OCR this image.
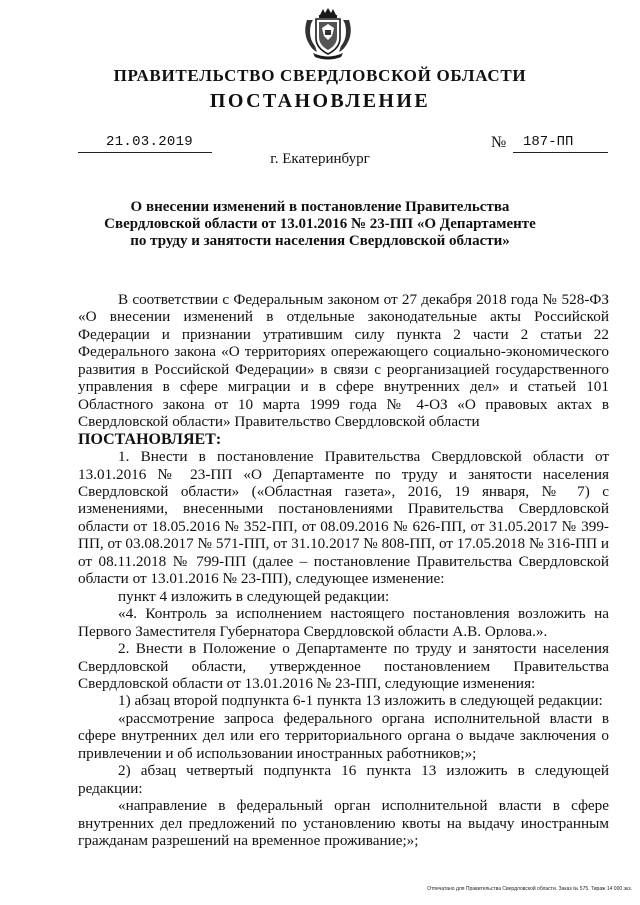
ПРАВИТЕЛЬСТВО СВЕРДЛОВСКОЙ ОБЛАСТИ
ПОСТАНОВЛЕНИЕ
21.03.2019	№ 187-ПП
г. Екатеринбург
О внесении изменений в постановление Правительства Свердловской области от 13.01.2016 № 23-ПП «О Департаменте по труду и занятости населения Свердловской области»

В соответствии с Федеральным законом от 27 декабря 2018 года № 528-ФЗ «О внесении изменений в отдельные законодательные акты Российской Федерации и признании утратившим силу пункта 2 части 2 статьи 22 Федерального закона «О территориях опережающего социально-экономического развития в Российской Федерации» в связи с реорганизацией государственного управления в сфере миграции и в сфере внутренних дел» и статьей 101 Областного закона от 10 марта 1999 года № 4-ОЗ «О правовых актах в Свердловской области» Правительство Свердловской области

ПОСТАНОВЛЯЕТ:

1. Внести в постановление Правительства Свердловской области от 13.01.2016 № 23-ПП «О Департаменте по труду и занятости населения Свердловской области» («Областная газета», 2016, 19 января, № 7) с изменениями, внесенными постановлениями Правительства Свердловской области от 18.05.2016 № 352-ПП, от 08.09.2016 № 626-ПП, от 31.05.2017 № 399-ПП, от 03.08.2017 № 571-ПП, от 31.10.2017 № 808-ПП, от 17.05.2018 № 316-ПП и от 08.11.2018 № 799-ПП (далее – постановление Правительства Свердловской области от 13.01.2016 № 23-ПП), следующее изменение:

пункт 4 изложить в следующей редакции:

«4. Контроль за исполнением настоящего постановления возложить на Первого Заместителя Губернатора Свердловской области А.В. Орлова.».

2. Внести в Положение о Департаменте по труду и занятости населения Свердловской области, утвержденное постановлением Правительства Свердловской области от 13.01.2016 № 23-ПП, следующие изменения:

1) абзац второй подпункта 6-1 пункта 13 изложить в следующей редакции:

«рассмотрение запроса федерального органа исполнительной власти в сфере внутренних дел или его территориального органа о выдаче заключения о привлечении и об использовании иностранных работников;»;

2) абзац четвертый подпункта 16 пункта 13 изложить в следующей редакции:

«направление в федеральный орган исполнительной власти в сфере внутренних дел предложений по установлению квоты на выдачу иностранным гражданам разрешений на временное проживание;»;

Отпечатано для Правительства Свердловской области. Заказ № 575. Тираж 14 000 экз.
